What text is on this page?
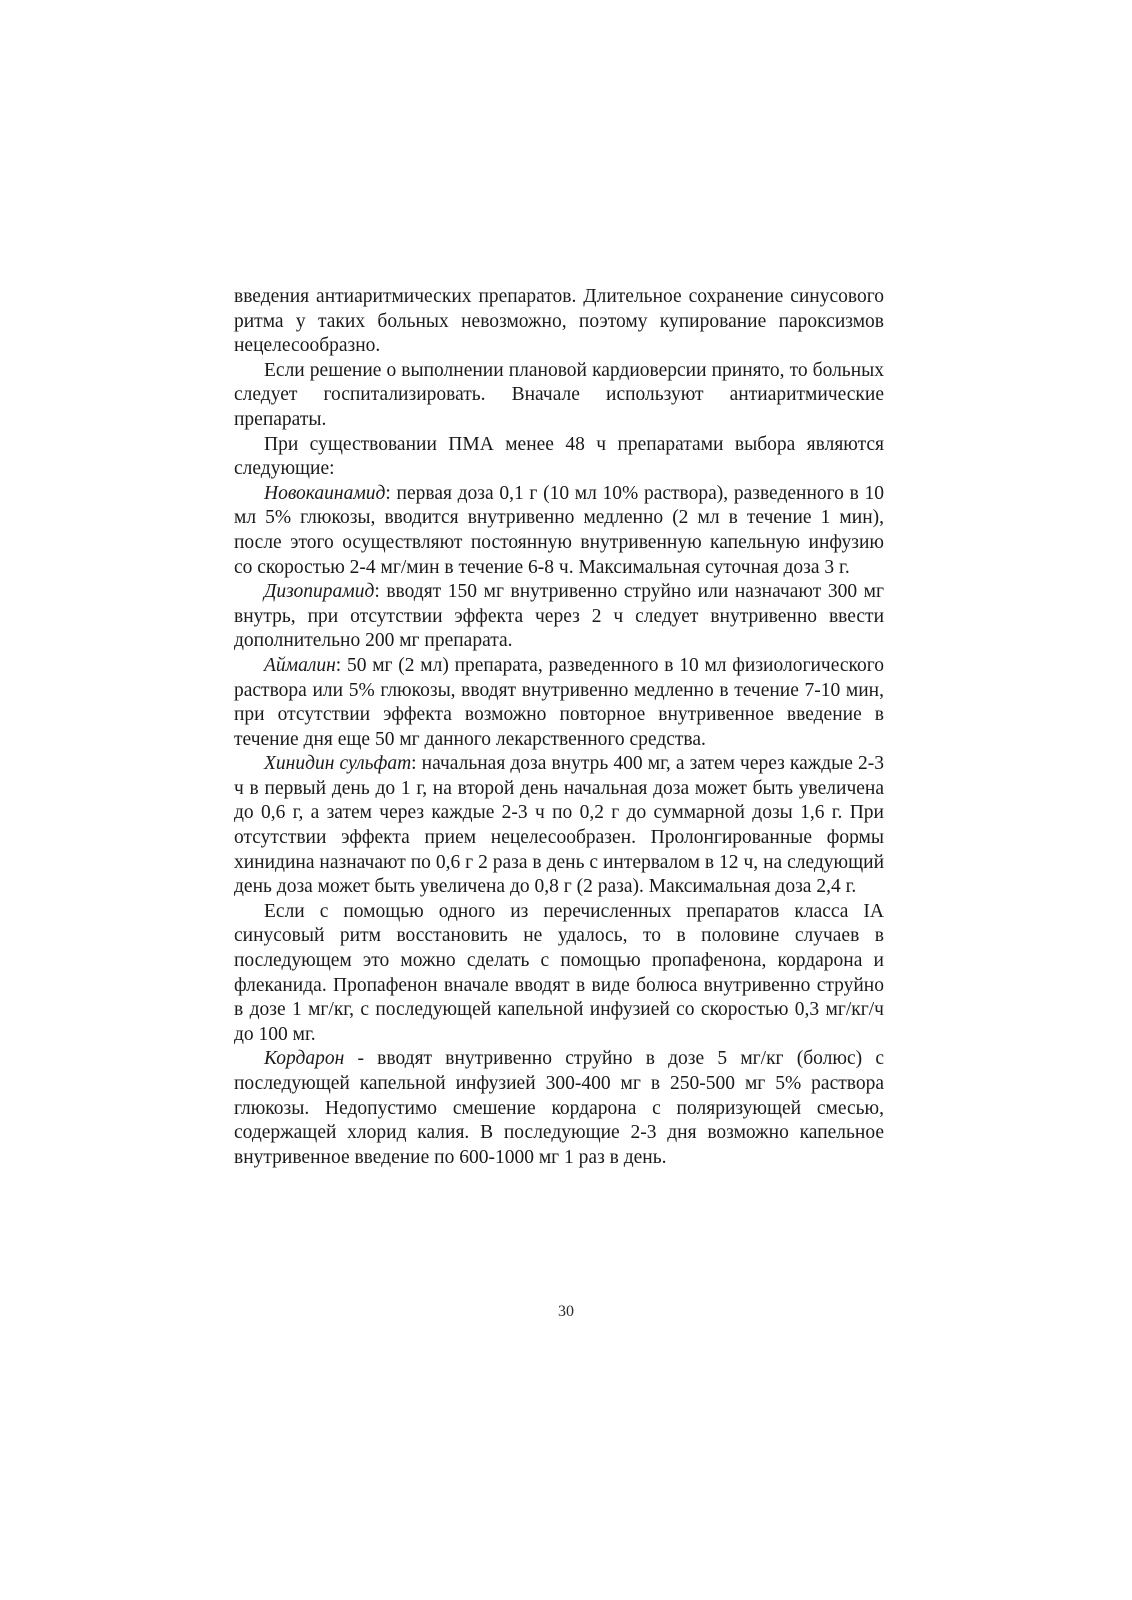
введения антиаритмических препаратов. Длительное сохранение синусового ритма у таких больных невозможно, поэтому купирование пароксизмов нецелесообразно.

Если решение о выполнении плановой кардиоверсии принято, то больных следует госпитализировать. Вначале используют антиаритмические препараты.

При существовании ПМА менее 48 ч препаратами выбора являются следующие:

Новокаинамид: первая доза 0,1 г (10 мл 10% раствора), разведенного в 10 мл 5% глюкозы, вводится внутривенно медленно (2 мл в течение 1 мин), после этого осуществляют постоянную внутривенную капельную инфузию со скоростью 2-4 мг/мин в течение 6-8 ч. Максимальная суточная доза 3 г.

Дизопирамид: вводят 150 мг внутривенно струйно или назначают 300 мг внутрь, при отсутствии эффекта через 2 ч следует внутривенно ввести дополнительно 200 мг препарата.

Аймалин: 50 мг (2 мл) препарата, разведенного в 10 мл физиологического раствора или 5% глюкозы, вводят внутривенно медленно в течение 7-10 мин, при отсутствии эффекта возможно повторное внутривенное введение в течение дня еще 50 мг данного лекарственного средства.

Хинидин сульфат: начальная доза внутрь 400 мг, а затем через каждые 2-3 ч в первый день до 1 г, на второй день начальная доза может быть увеличена до 0,6 г, а затем через каждые 2-3 ч по 0,2 г до суммарной дозы 1,6 г. При отсутствии эффекта прием нецелесообразен. Пролонгированные формы хинидина назначают по 0,6 г 2 раза в день с интервалом в 12 ч, на следующий день доза может быть увеличена до 0,8 г (2 раза). Максимальная доза 2,4 г.

Если с помощью одного из перечисленных препаратов класса IA синусовый ритм восстановить не удалось, то в половине случаев в последующем это можно сделать с помощью пропафенона, кордарона и флеканида. Пропафенон вначале вводят в виде болюса внутривенно струйно в дозе 1 мг/кг, с последующей капельной инфузией со скоростью 0,3 мг/кг/ч до 100 мг.

Кордарон - вводят внутривенно струйно в дозе 5 мг/кг (болюс) с последующей капельной инфузией 300-400 мг в 250-500 мг 5% раствора глюкозы. Недопустимо смешение кордарона с поляризующей смесью, содержащей хлорид калия. В последующие 2-3 дня возможно капельное внутривенное введение по 600-1000 мг 1 раз в день.

30
